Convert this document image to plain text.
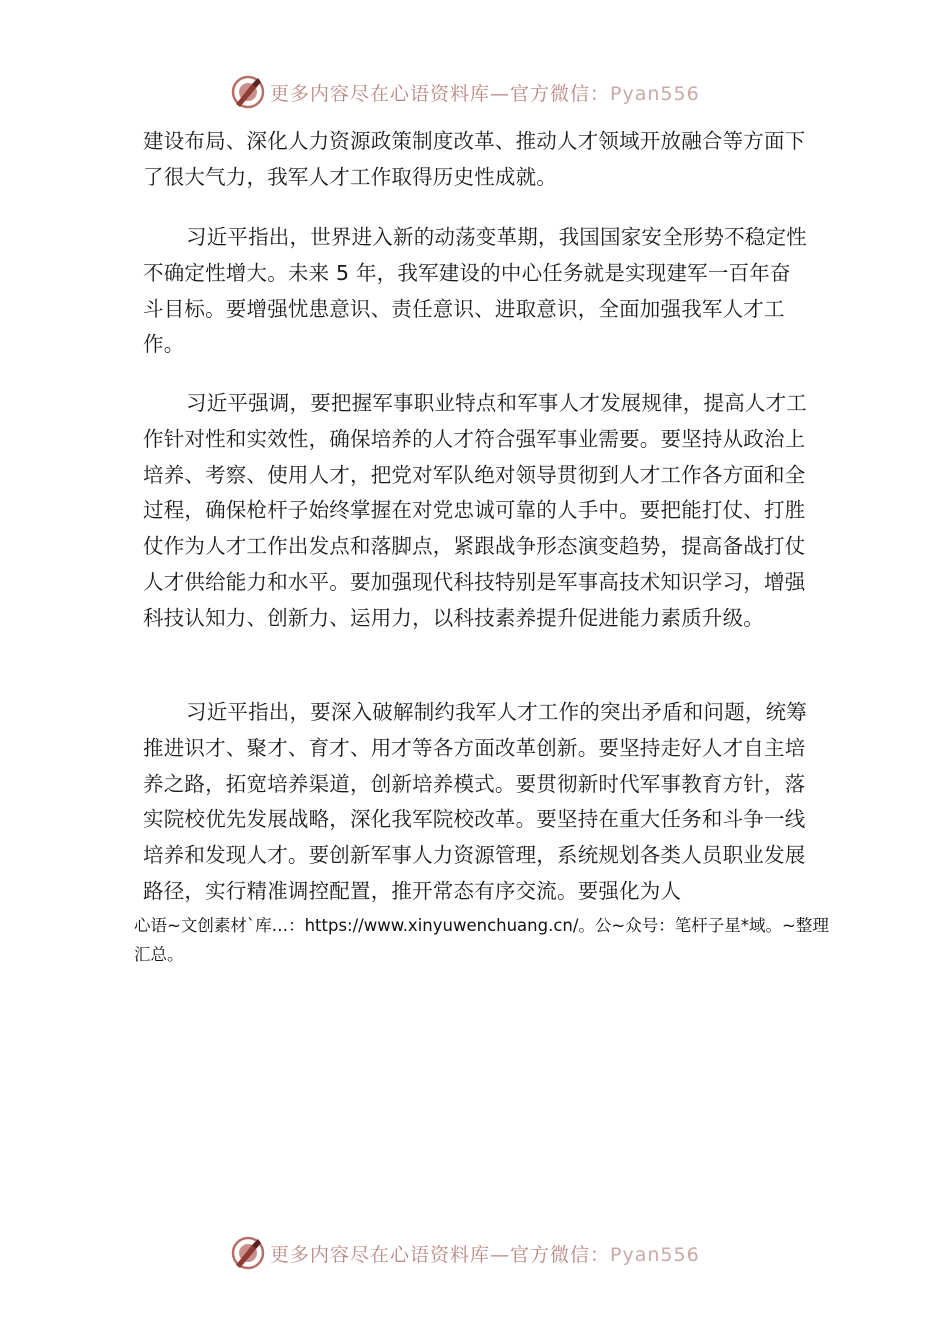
更多内容尽在心语资料库—官方微信：Pyan556

建设布局、深化人力资源政策制度改革、推动人才领域开放融合等方面下了很大气力，我军人才工作取得历史性成就。

习近平指出，世界进入新的动荡变革期，我国国家安全形势不稳定性不确定性增大。未来 5 年，我军建设的中心任务就是实现建军一百年奋斗目标。要增强忧患意识、责任意识、进取意识，全面加强我军人才工作。

习近平强调，要把握军事职业特点和军事人才发展规律，提高人才工作针对性和实效性，确保培养的人才符合强军事业需要。要坚持从政治上培养、考察、使用人才，把党对军队绝对领导贯彻到人才工作各方面和全过程，确保枪杆子始终掌握在对党忠诚可靠的人手中。要把能打仗、打胜仗作为人才工作出发点和落脚点，紧跟战争形态演变趋势，提高备战打仗人才供给能力和水平。要加强现代科技特别是军事高技术知识学习，增强科技认知力、创新力、运用力，以科技素养提升促进能力素质升级。

习近平指出，要深入破解制约我军人才工作的突出矛盾和问题，统筹推进识才、聚才、育才、用才等各方面改革创新。要坚持走好人才自主培养之路，拓宽培养渠道，创新培养模式。要贯彻新时代军事教育方针，落实院校优先发展战略，深化我军院校改革。要坚持在重大任务和斗争一线培养和发现人才。要创新军事人力资源管理，系统规划各类人员职业发展路径，实行精准调控配置，推开常态有序交流。要强化为人

心语~文创素材`库…：https://www.xinyuwenchuang.cn/。公~众号：笔杆子星*域。~整理汇总。
更多内容尽在心语资料库—官方微信：Pyan556
